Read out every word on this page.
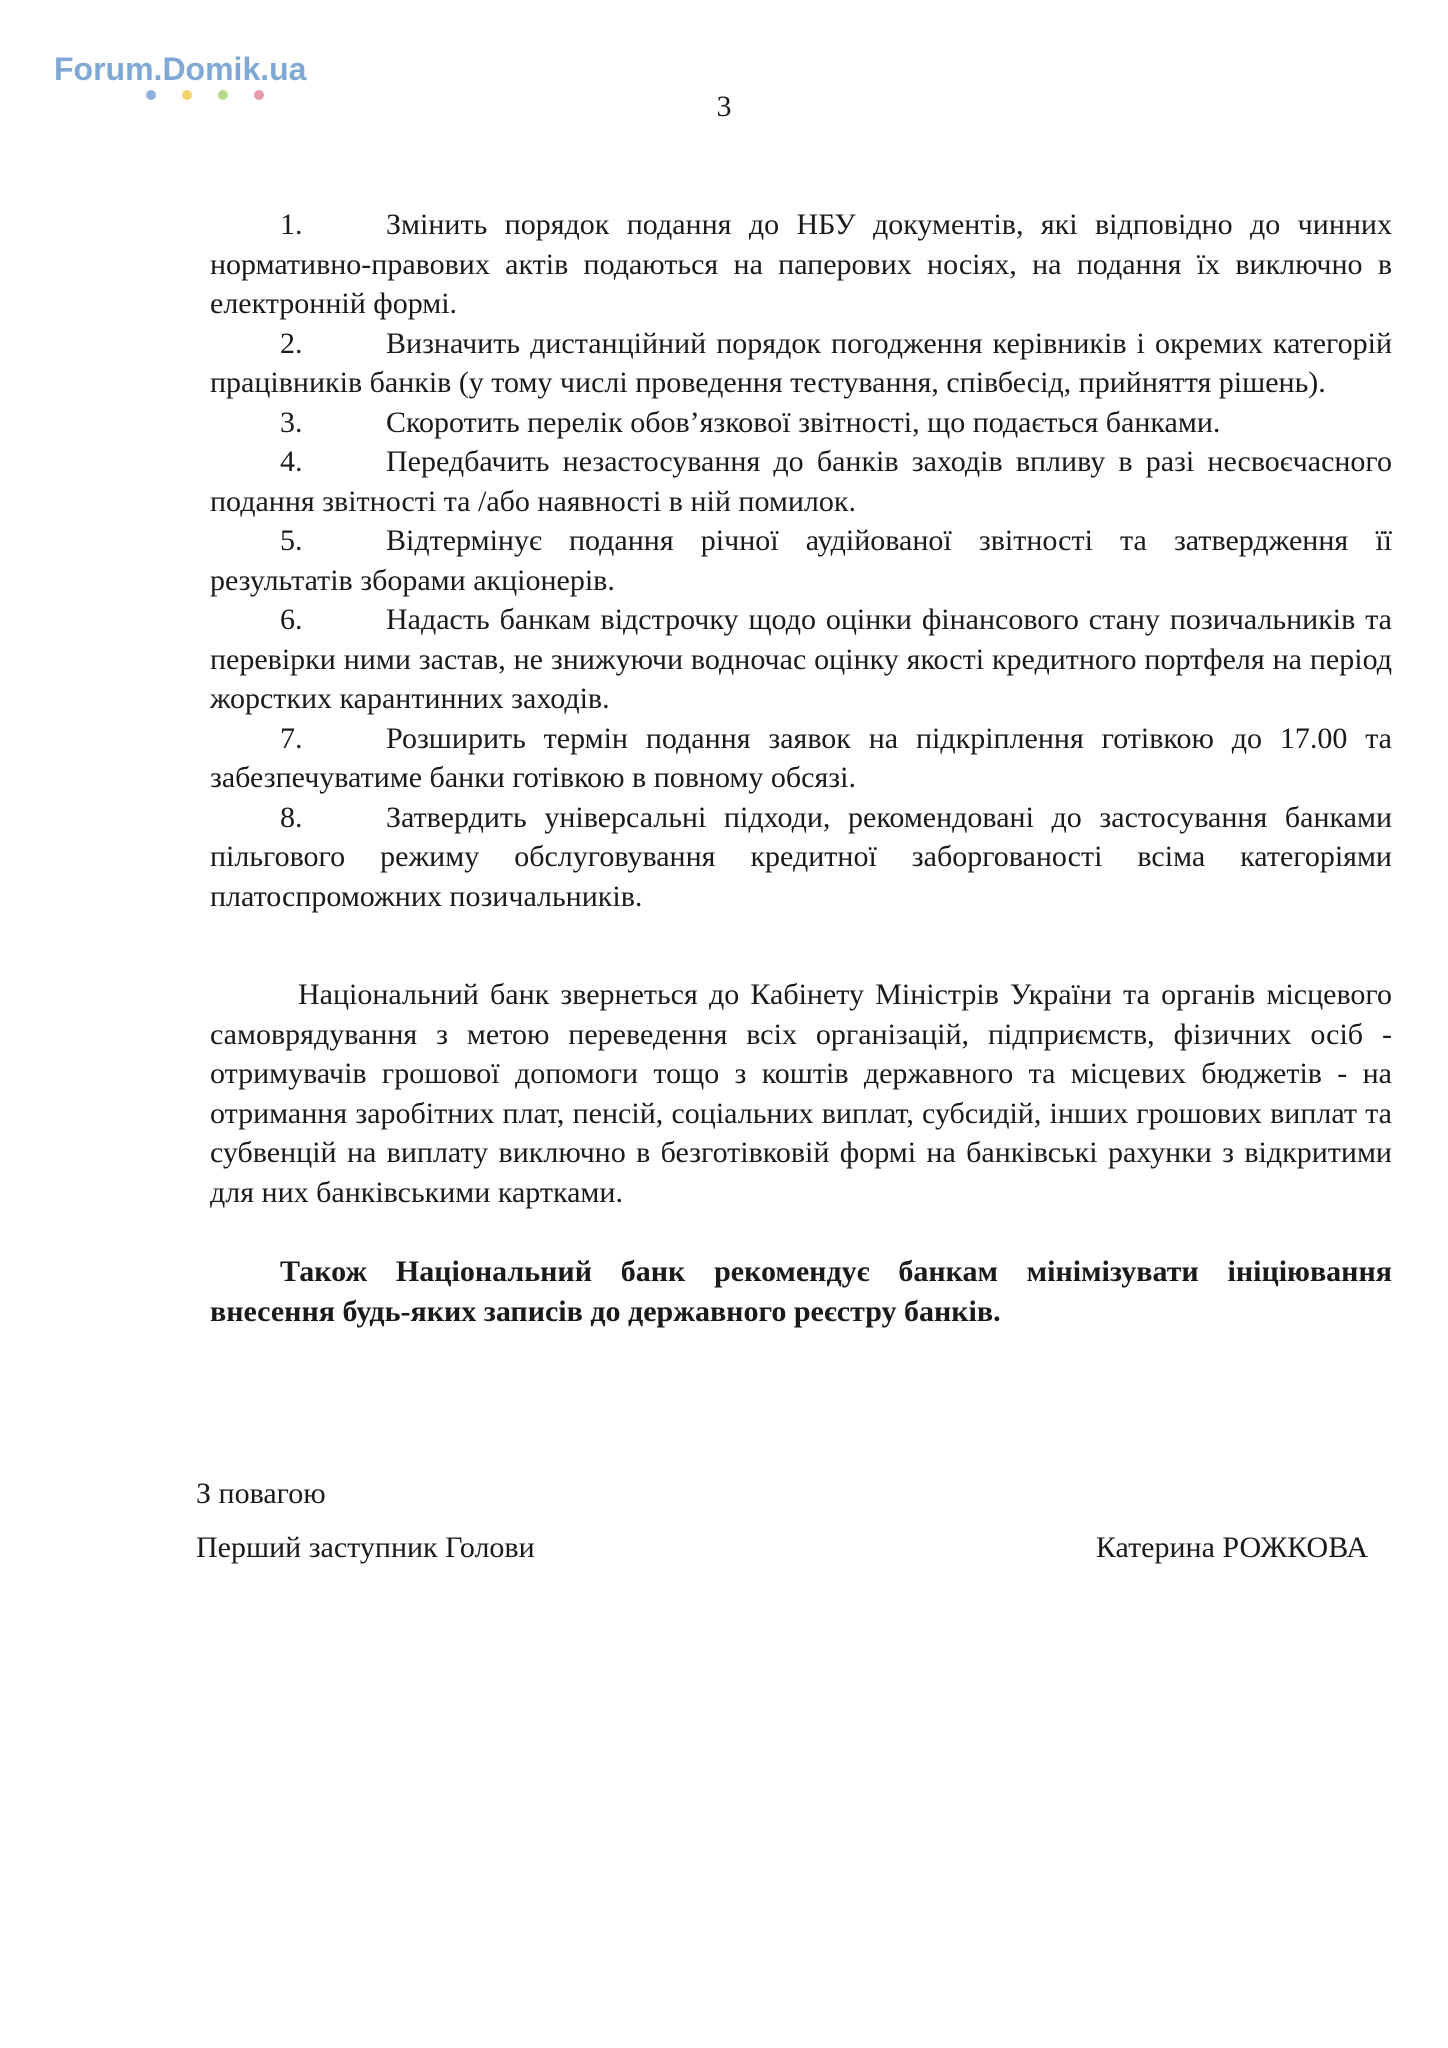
Forum.Domik.ua
3

1.	Змінить порядок подання до НБУ документів, які відповідно до чинних нормативно-правових актів подаються на паперових носіях, на подання їх виключно в електронній формі.

2.	Визначить дистанційний порядок погодження керівників і окремих категорій працівників банків (у тому числі проведення тестування, співбесід, прийняття рішень).

3.	Скоротить перелік обов’язкової звітності, що подається банками.

4.	Передбачить незастосування до банків заходів впливу в разі несвоєчасного подання звітності та /або наявності в ній помилок.

5.	Відтермінує подання річної аудійованої звітності та затвердження її результатів зборами акціонерів.

6.	Надасть банкам відстрочку щодо оцінки фінансового стану позичальників та перевірки ними застав, не знижуючи водночас оцінку якості кредитного портфеля на період жорстких карантинних заходів.

7.	Розширить термін подання заявок на підкріплення готівкою до 17.00 та забезпечуватиме банки готівкою в повному обсязі.

8.	Затвердить універсальні підходи, рекомендовані до застосування банками пільгового режиму обслуговування кредитної заборгованості всіма категоріями платоспроможних позичальників.

Національний банк звернеться до Кабінету Міністрів України та органів місцевого самоврядування з метою переведення всіх організацій, підприємств, фізичних осіб - отримувачів грошової допомоги тощо з коштів державного та місцевих бюджетів - на отримання заробітних плат, пенсій, соціальних виплат, субсидій, інших грошових виплат та субвенцій на виплату виключно в безготівковій формі на банківські рахунки з відкритими для них банківськими картками.

Також Національний банк рекомендує банкам мінімізувати ініціювання внесення будь-яких записів до державного реєстру банків.

З повагою
Перший заступник Голови	Катерина РОЖКОВА
